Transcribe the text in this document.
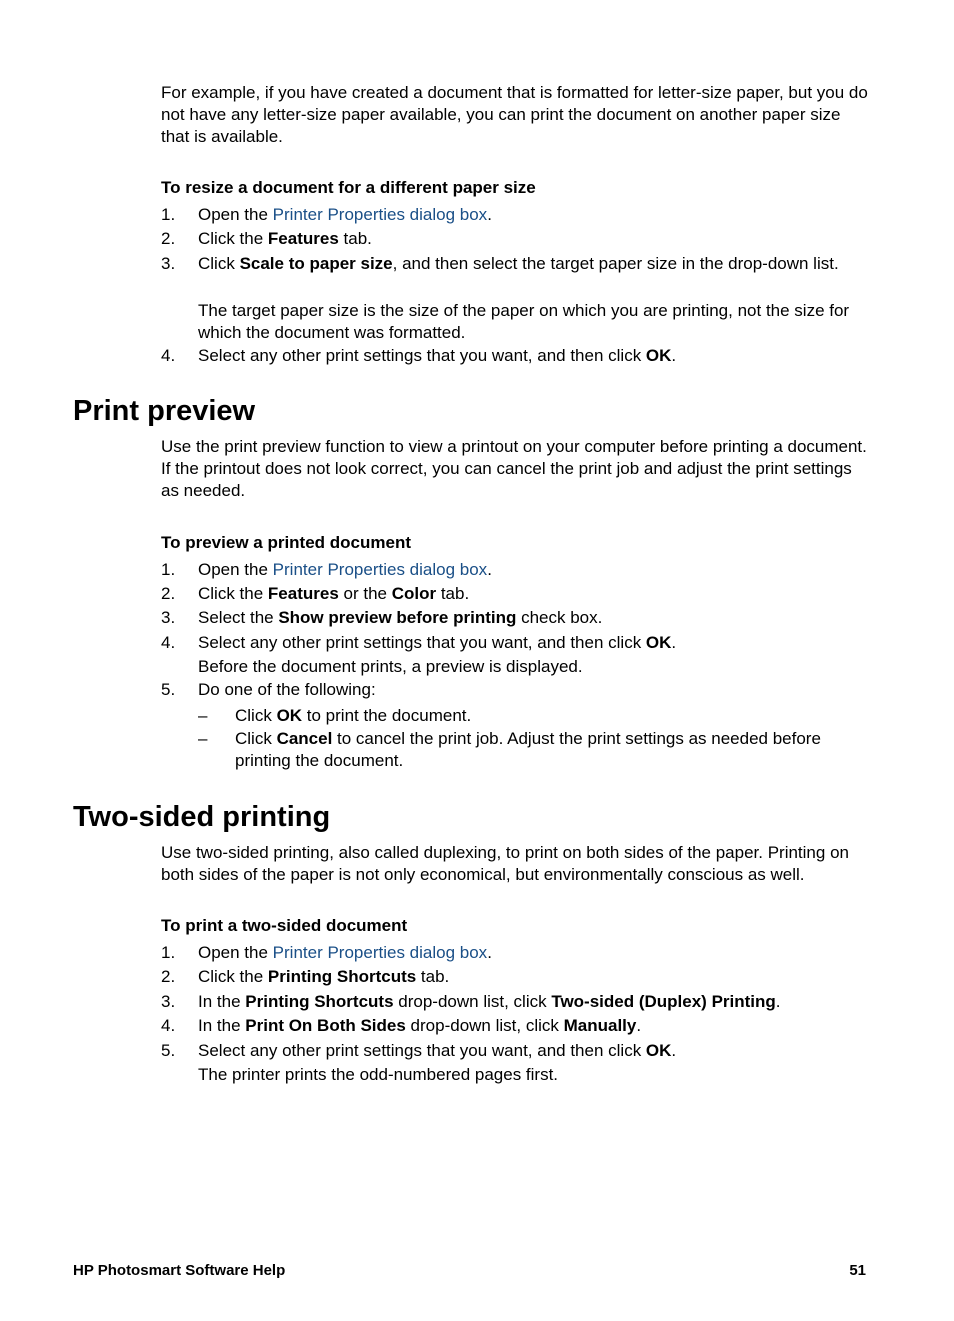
For example, if you have created a document that is formatted for letter-size paper, but you do not have any letter-size paper available, you can print the document on another paper size that is available.

To resize a document for a different paper size

1.	Open the Printer Properties dialog box.
2.	Click the Features tab.
3.	Click Scale to paper size, and then select the target paper size in the drop-down list.
The target paper size is the size of the paper on which you are printing, not the size for which the document was formatted.
4.	Select any other print settings that you want, and then click OK.
Print preview

Use the print preview function to view a printout on your computer before printing a document. If the printout does not look correct, you can cancel the print job and adjust the print settings as needed.

To preview a printed document

1.	Open the Printer Properties dialog box.
2.	Click the Features or the Color tab.
3.	Select the Show preview before printing check box.
4.	Select any other print settings that you want, and then click OK.
Before the document prints, a preview is displayed.
5.	Do one of the following:
– Click OK to print the document.
– Click Cancel to cancel the print job. Adjust the print settings as needed before printing the document.
Two-sided printing

Use two-sided printing, also called duplexing, to print on both sides of the paper. Printing on both sides of the paper is not only economical, but environmentally conscious as well.

To print a two-sided document

1.	Open the Printer Properties dialog box.
2.	Click the Printing Shortcuts tab.
3.	In the Printing Shortcuts drop-down list, click Two-sided (Duplex) Printing.
4.	In the Print On Both Sides drop-down list, click Manually.
5.	Select any other print settings that you want, and then click OK.
The printer prints the odd-numbered pages first.
HP Photosmart Software Help	51
